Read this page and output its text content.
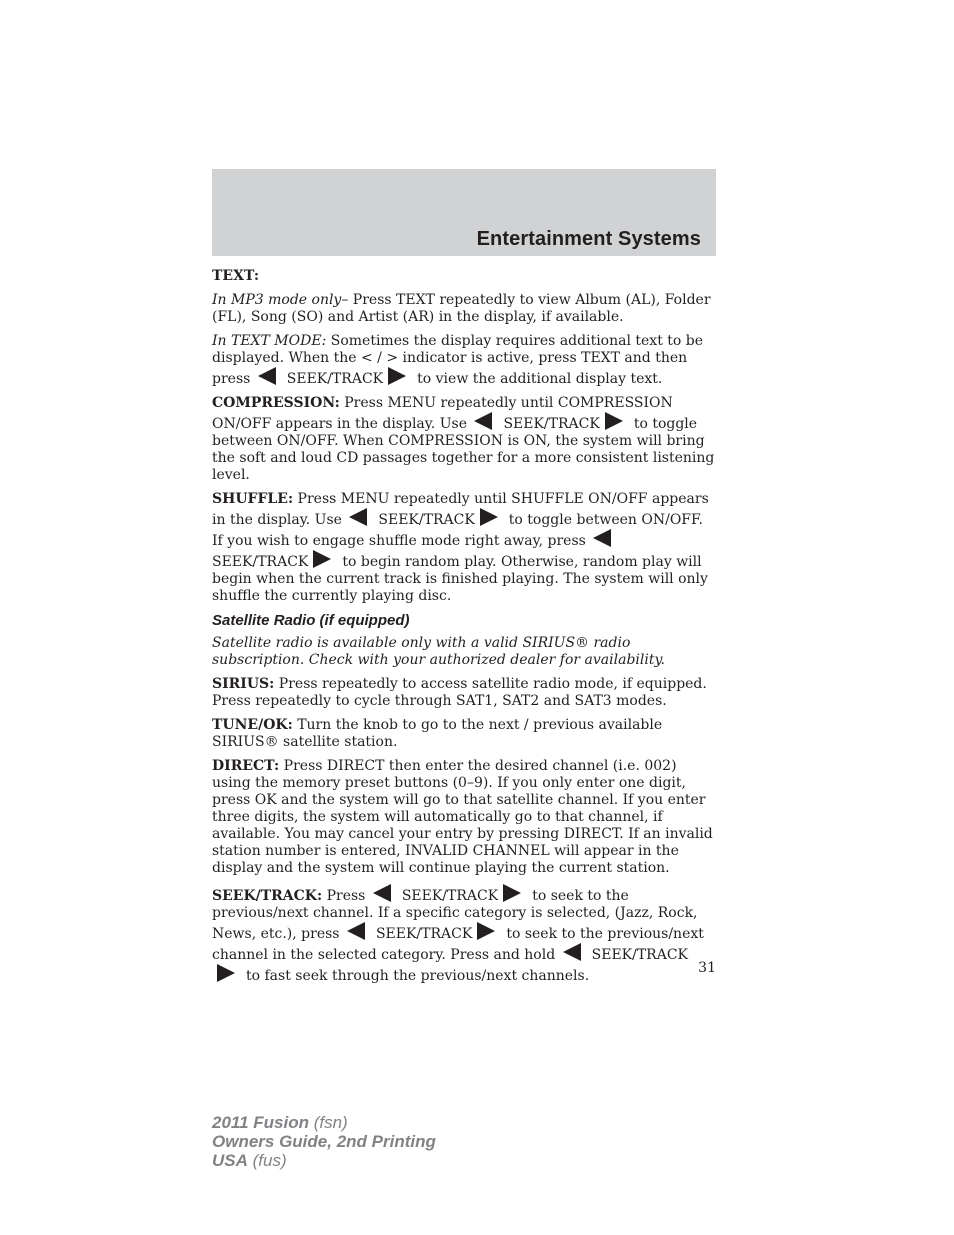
Entertainment Systems

TEXT:

In MP3 mode only– Press TEXT repeatedly to view Album (AL), Folder (FL), Song (SO) and Artist (AR) in the display, if available.

In TEXT MODE: Sometimes the display requires additional text to be displayed. When the < / > indicator is active, press TEXT and then press	SEEK/TRACK to view the additional display text.

COMPRESSION: Press MENU repeatedly until COMPRESSION ON/OFF appears in the display. Use	SEEK/TRACK to toggle between ON/OFF. When COMPRESSION is ON, the system will bring the soft and loud CD passages together for a more consistent listening level.

SHUFFLE: Press MENU repeatedly until SHUFFLE ON/OFF appears in the display. Use	SEEK/TRACK to toggle between ON/OFF. If you wish to engage shuffle mode right away, press SEEK/TRACK to begin random play. Otherwise, random play will begin when the current track is finished playing. The system will only shuffle the currently playing disc.

Satellite Radio (if equipped)

Satellite radio is available only with a valid SIRIUS® radio subscription. Check with your authorized dealer for availability.

SIRIUS: Press repeatedly to access satellite radio mode, if equipped. Press repeatedly to cycle through SAT1, SAT2 and SAT3 modes.

TUNE/OK: Turn the knob to go to the next / previous available SIRIUS® satellite station.

DIRECT: Press DIRECT then enter the desired channel (i.e. 002) using the memory preset buttons (0–9). If you only enter one digit, press OK and the system will go to that satellite channel. If you enter three digits, the system will automatically go to that channel, if available. You may cancel your entry by pressing DIRECT. If an invalid station number is entered, INVALID CHANNEL will appear in the display and the system will continue playing the current station.

SEEK/TRACK: Press	SEEK/TRACK to seek to the previous/next channel. If a specific category is selected, (Jazz, Rock, News, etc.), press	SEEK/TRACK to seek to the previous/next channel in the selected category. Press and hold	SEEK/TRACKto fast seek through the previous/next channels.	31
2011 Fusion (fsn)
Owners Guide, 2nd Printing
USA (fus)
